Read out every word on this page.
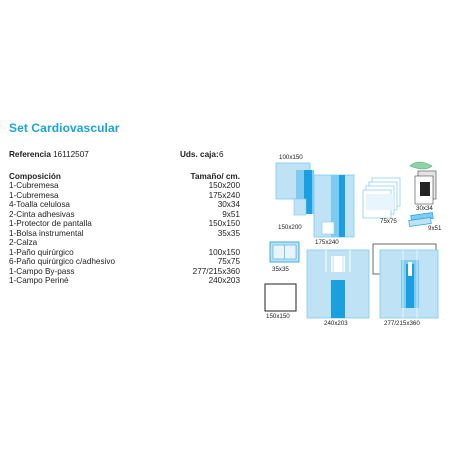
Set Cardiovascular
Referencia 16112507	Uds. caja: 6
Composición	Tamaño/ cm.
1-Cubremesa	150x200
1-Cubremesa	175x240
4-Toalla celulosa	30x34
2-Cinta adhesivas	9x51
1-Protector de pantalla	150x150
1-Bolsa instrumental	35x35
2-Calza
1-Paño quirúrgico	100x150
6-Paño quirúrgico c/adhesivo	75x75
1-Campo By-pass	277/215x360
1-Campo Periné	240x203
100x150
150x200
175x240
75x75
30x34
9x51
35x35
150x150
240x203	277/215x360
